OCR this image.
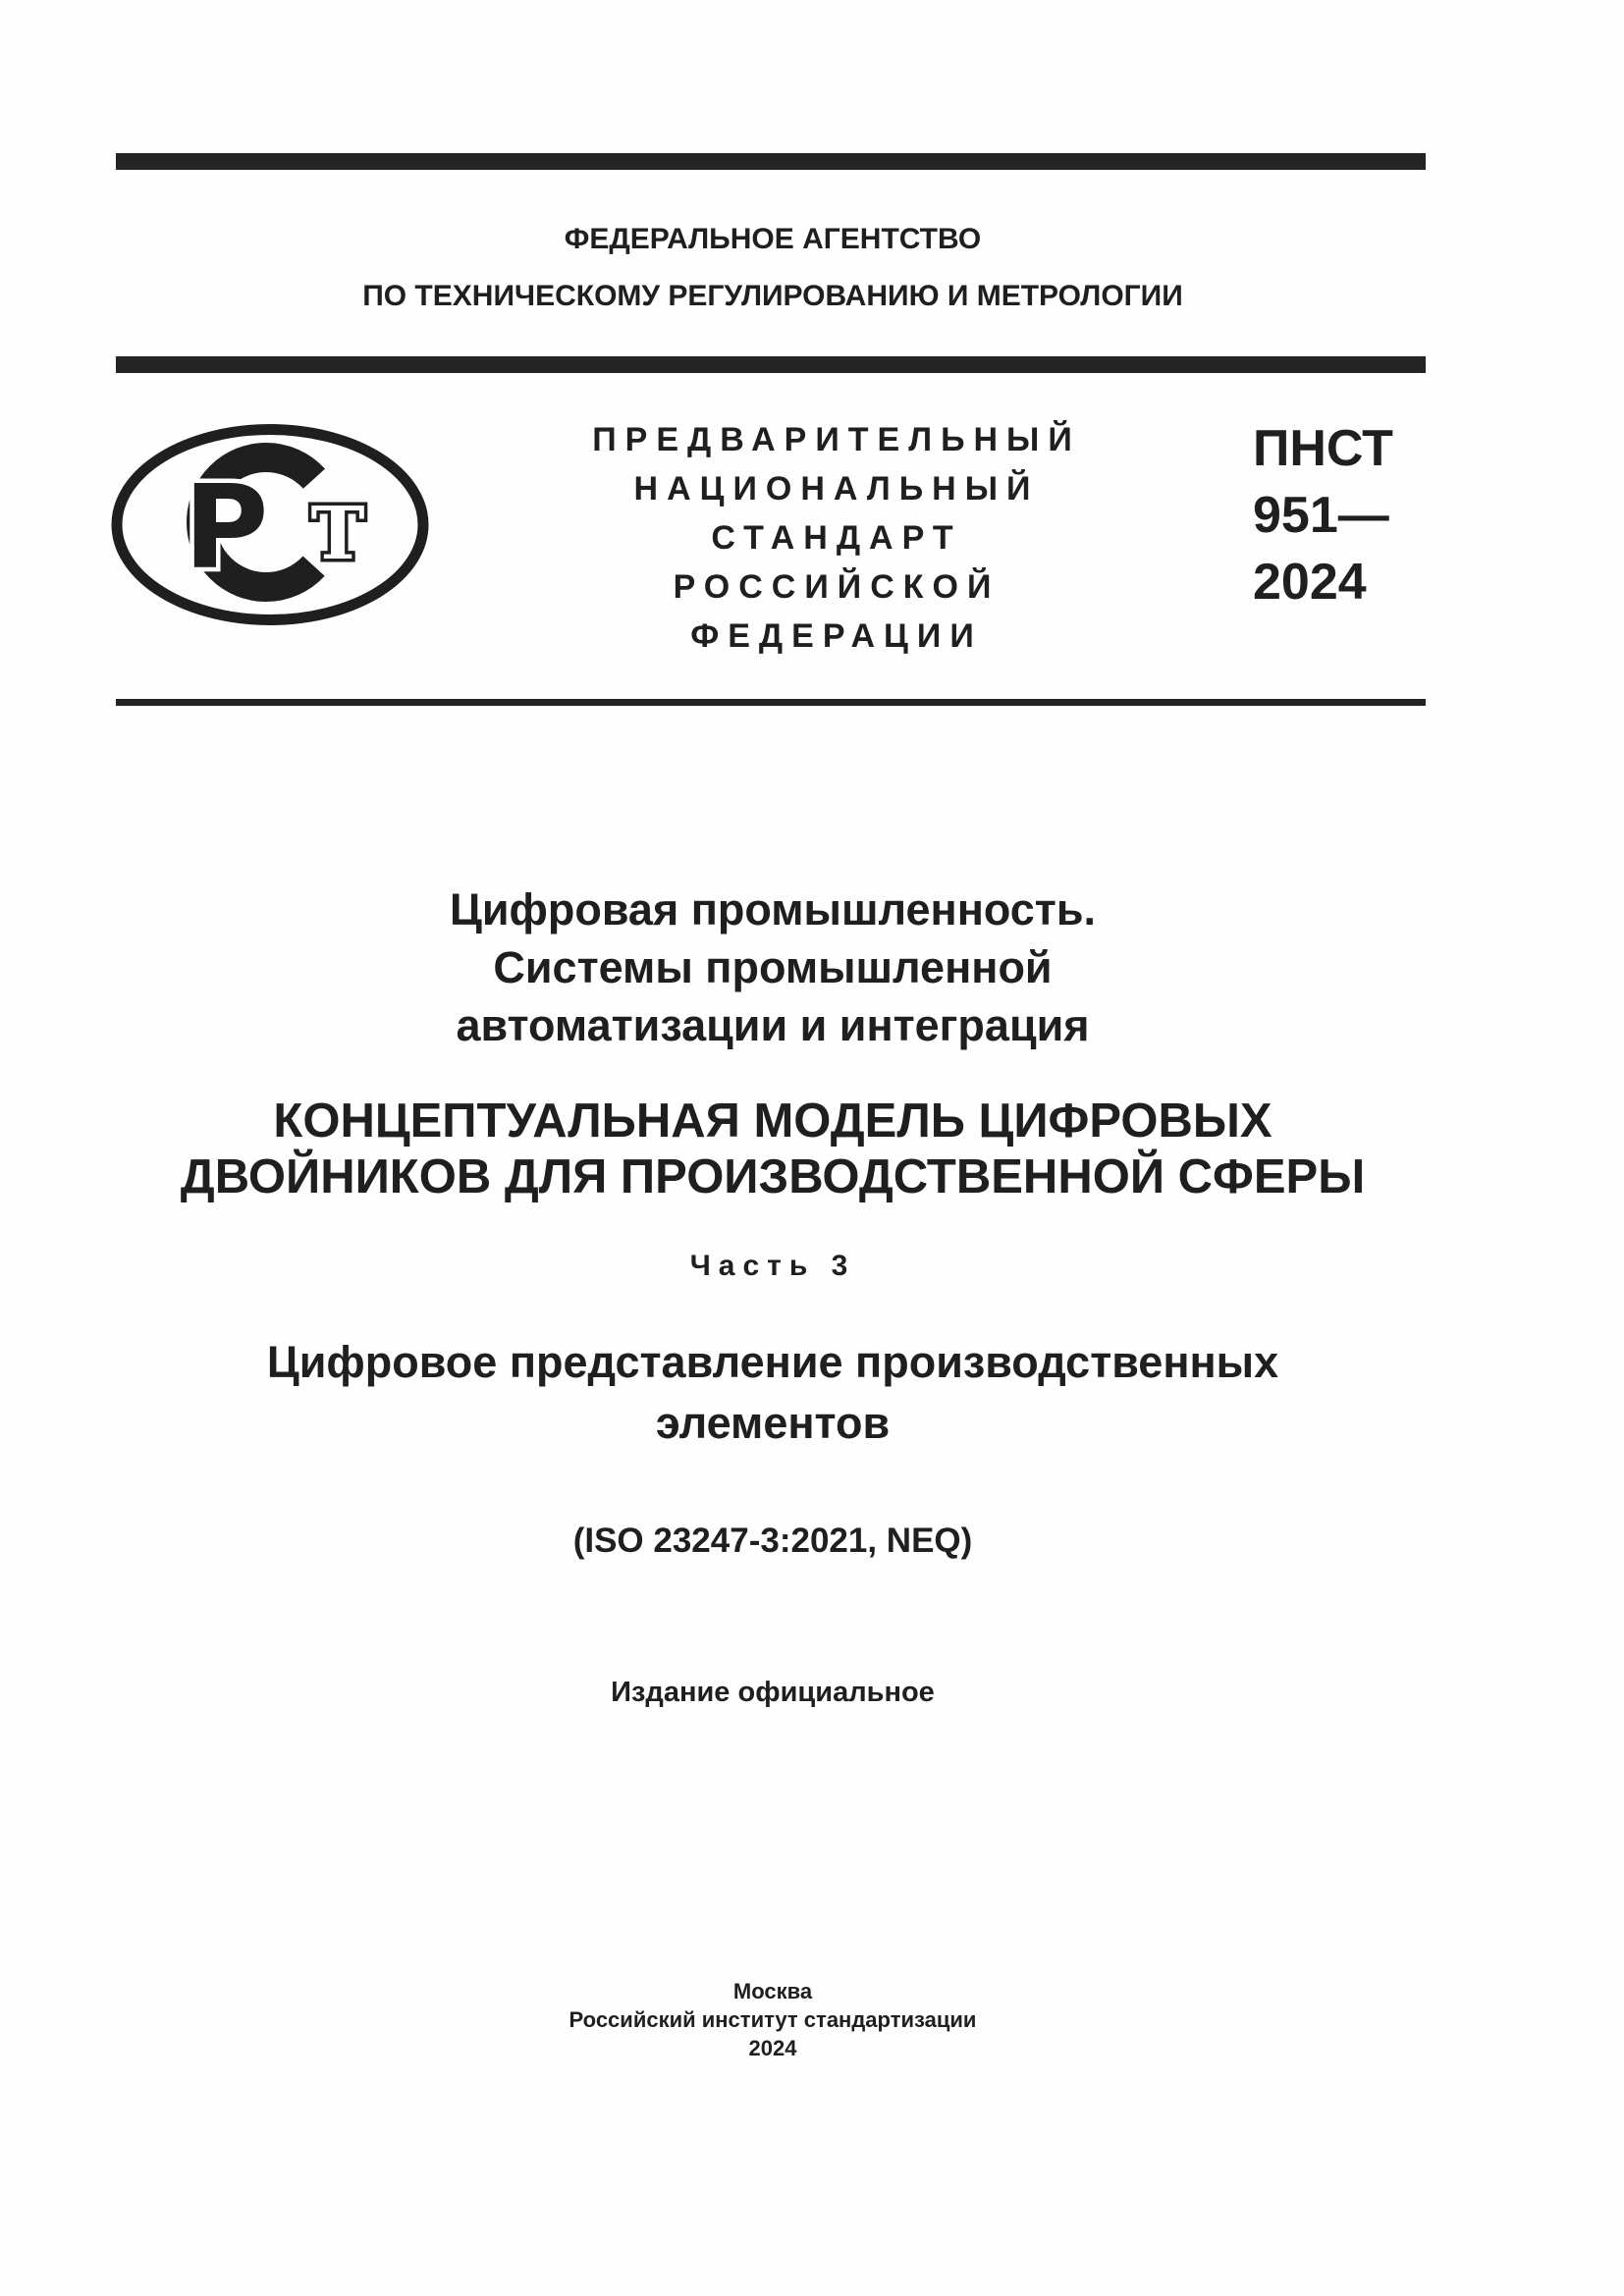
ФЕДЕРАЛЬНОЕ АГЕНТСТВО
ПО ТЕХНИЧЕСКОМУ РЕГУЛИРОВАНИЮ И МЕТРОЛОГИИ
Р Т
ПРЕДВАРИТЕЛЬНЫЙ
НАЦИОНАЛЬНЫЙ
СТАНДАРТ
РОССИЙСКОЙ
ФЕДЕРАЦИИ
ПНСТ
951—
2024
Цифровая промышленность.
Системы промышленной
автоматизации и интеграция
КОНЦЕПТУАЛЬНАЯ МОДЕЛЬ ЦИФРОВЫХ
ДВОЙНИКОВ ДЛЯ ПРОИЗВОДСТВЕННОЙ СФЕРЫ
Часть 3
Цифровое представление производственных
элементов
(ISO 23247-3:2021, NEQ)
Издание официальное
Москва
Российский институт стандартизации
2024
